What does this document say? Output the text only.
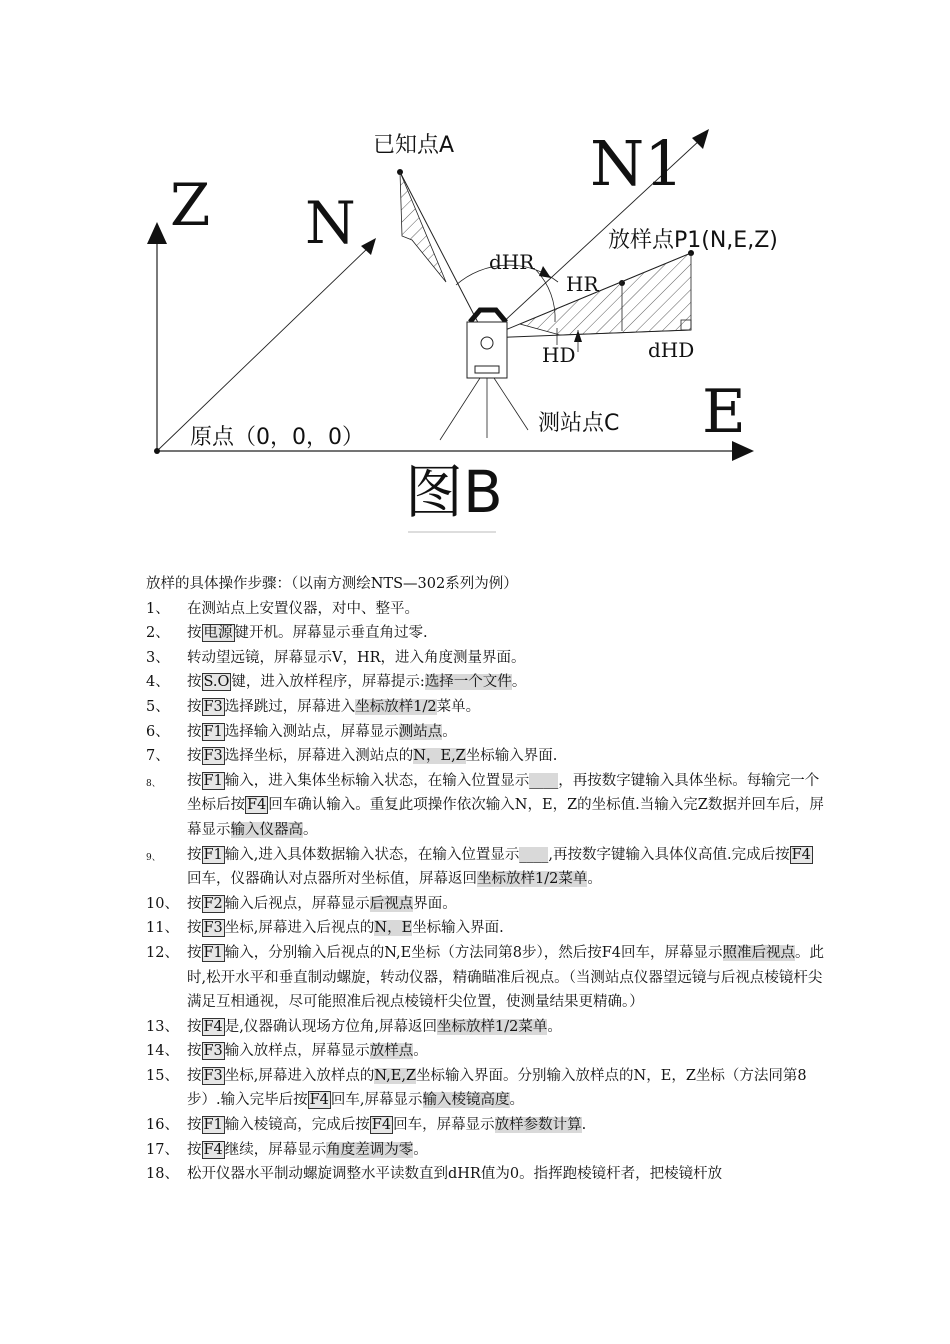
Z N
N1
E
已知点A
放样点P1(N,E,Z)
dHR
HR
HD	dHD
测站点C
原点（0，0，0）
图B
放样的具体操作步骤：（以南方测绘NTS—302系列为例）
1、 在测站点上安置仪器，对中、整平。
2、 按 电源 键开机。屏幕显示垂直角过零.
3、 转动望远镜，屏幕显示V，HR，进入角度测量界面。
4、 按 S.O 键，进入放样程序，屏幕提示:选择一个文件。
5、 按 F3 选择跳过，屏幕进入坐标放样1/2菜单。
6、 按 F1 选择输入测站点，屏幕显示测站点。
7、 按 F3 选择坐标，屏幕进入测站点的N，E,Z坐标输入界面.
8、 按 F1 输入，进入集体坐标输入状态，在输入位置显示____，再按数字键输入具体坐标。每输完一个坐标后按 F4 回车确认输入。重复此项操作依次输入N，E，Z的坐标值.当输入完Z数据并回车后，屏幕显示输入仪器高。
9、 按 F1 输入,进入具体数据输入状态，在输入位置显示____,再按数字键输入具体仪高值.完成后按 F4回车，仪器确认对点器所对坐标值，屏幕返回坐标放样1/2菜单。
10、 按 F2 输入后视点，屏幕显示后视点界面。
11、 按 F3 坐标,屏幕进入后视点的N，E坐标输入界面.
12、 按 F1 输入，分别输入后视点的N,E坐标（方法同第8步），然后按F4回车，屏幕显示照准后视点。此时,松开水平和垂直制动螺旋，转动仪器，精确瞄准后视点。（当测站点仪器望远镜与后视点棱镜杆尖满足互相通视，尽可能照准后视点棱镜杆尖位置，使测量结果更精确。）
13、 按 F4 是,仪器确认现场方位角,屏幕返回坐标放样1/2菜单。
14、 按 F3 输入放样点，屏幕显示放样点。
15、 按 F3 坐标,屏幕进入放样点的N,E,Z坐标输入界面。分别输入放样点的N，E，Z坐标（方法同第8步）.输入完毕后按 F4 回车,屏幕显示输入棱镜高度。
16、 按 F1 输入棱镜高，完成后按 F4 回车，屏幕显示放样参数计算.
17、 按 F4 继续，屏幕显示角度差调为零。
18、 松开仪器水平制动螺旋调整水平读数直到dHR值为0。指挥跑棱镜杆者，把棱镜杆放
